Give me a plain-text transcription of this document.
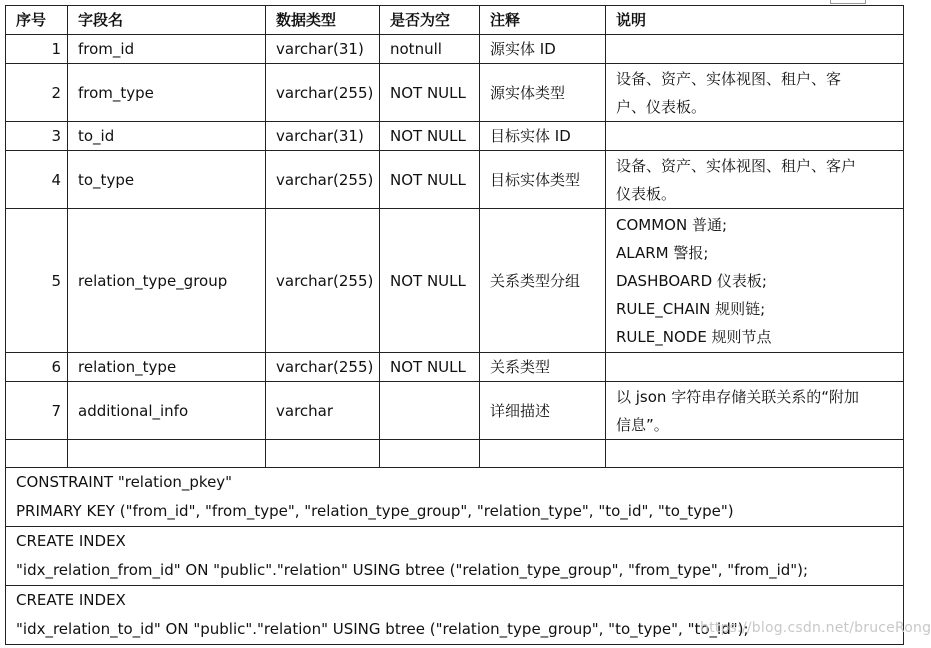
序号	字段名	数据类型	是否为空	注释	说明
1	from_id	varchar(31)	notnull	源实体 ID	
2	from_type	varchar(255)	NOT NULL	源实体类型	设备、资产、实体视图、租户、客
户、仪表板。

3	to_id	varchar(31)	NOT NULL	目标实体 ID	
4	to_type	varchar(255)	NOT NULL	目标实体类型	设备、资产、实体视图、租户、客户
仪表板。

5	relation_type_group	varchar(255)	NOT NULL	关系类型分组	COMMON 普通;
ALARM 警报;
DASHBOARD 仪表板;
RULE_CHAIN 规则链;
RULE_NODE 规则节点

6	relation_type	varchar(255)	NOT NULL	关系类型	
7	additional_info	varchar		详细描述	以 json 字符串存储关联关系的“附加
信息”。

CONSTRAINT "relation_pkey"
PRIMARY KEY ("from_id", "from_type", "relation_type_group", "relation_type", "to_id", "to_type")					

CREATE INDEX
"idx_relation_from_id" ON "public"."relation" USING btree ("relation_type_group", "from_type", "from_id");					

CREATE INDEX
"idx_relation_to_id" ON "public"."relation" USING btree ("relation_type_group", "to_type", "to_id");					
https://blog.csdn.net/bruceRong
